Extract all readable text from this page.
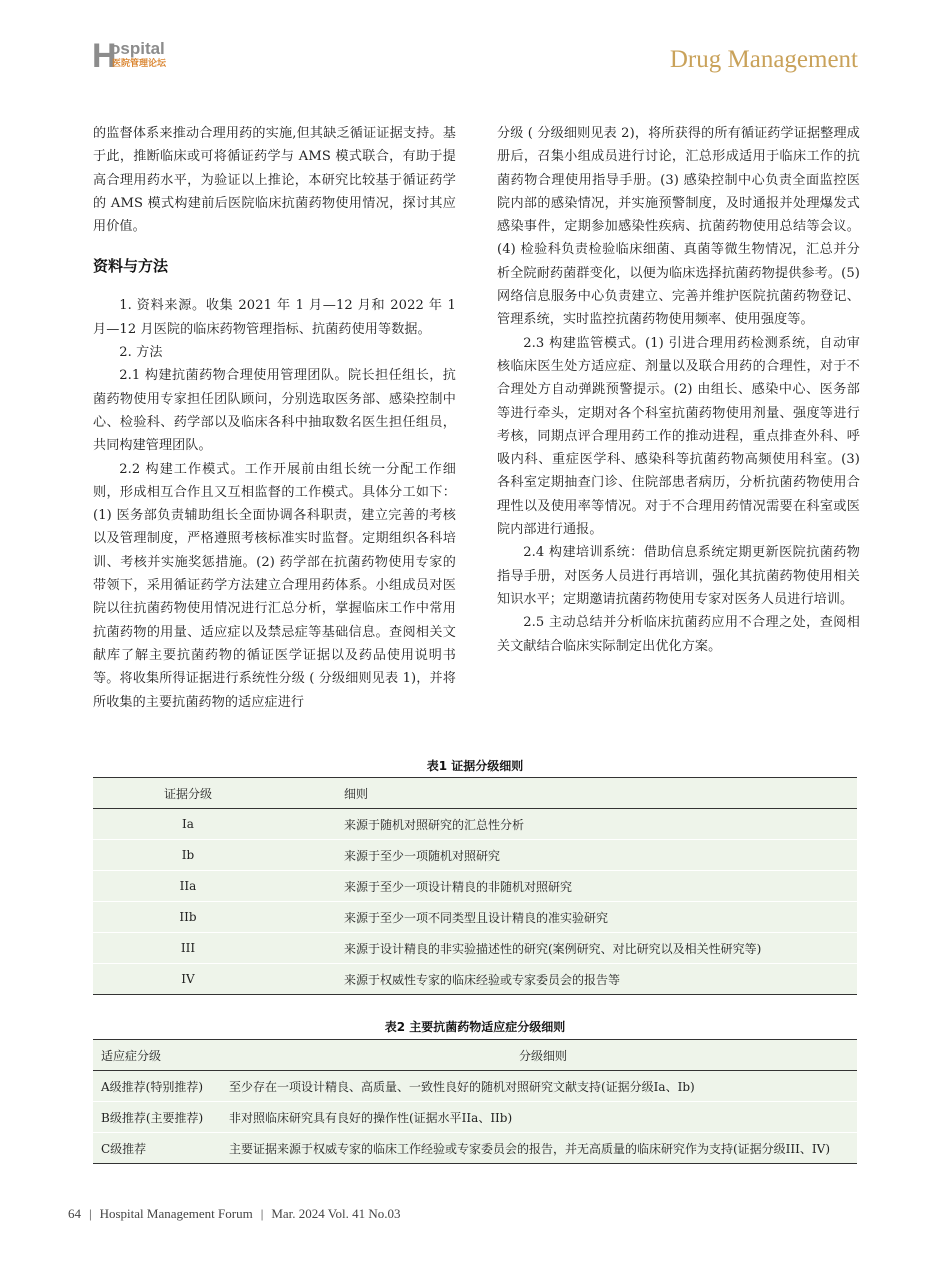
H
ospital
医院管理论坛	Drug Management

的监督体系来推动合理用药的实施,但其缺乏循证证据支持。基于此，推断临床或可将循证药学与 AMS 模式联合，有助于提高合理用药水平，为验证以上推论，本研究比较基于循证药学的 AMS 模式构建前后医院临床抗菌药物使用情况，探讨其应用价值。

资料与方法

1. 资料来源。收集 2021 年 1 月—12 月和 2022 年 1 月—12 月医院的临床药物管理指标、抗菌药使用等数据。

2. 方法

2.1 构建抗菌药物合理使用管理团队。院长担任组长，抗菌药物使用专家担任团队顾问，分别选取医务部、感染控制中心、检验科、药学部以及临床各科中抽取数名医生担任组员，共同构建管理团队。

2.2 构建工作模式。工作开展前由组长统一分配工作细则，形成相互合作且又互相监督的工作模式。具体分工如下：(1) 医务部负责辅助组长全面协调各科职责，建立完善的考核以及管理制度，严格遵照考核标准实时监督。定期组织各科培训、考核并实施奖惩措施。(2) 药学部在抗菌药物使用专家的带领下，采用循证药学方法建立合理用药体系。小组成员对医院以往抗菌药物使用情况进行汇总分析，掌握临床工作中常用抗菌药物的用量、适应症以及禁忌症等基础信息。查阅相关文献库了解主要抗菌药物的循证医学证据以及药品使用说明书等。将收集所得证据进行系统性分级 ( 分级细则见表 1)，并将所收集的主要抗菌药物的适应症进行

分级 ( 分级细则见表 2)，将所获得的所有循证药学证据整理成册后，召集小组成员进行讨论，汇总形成适用于临床工作的抗菌药物合理使用指导手册。(3) 感染控制中心负责全面监控医院内部的感染情况，并实施预警制度，及时通报并处理爆发式感染事件，定期参加感染性疾病、抗菌药物使用总结等会议。(4) 检验科负责检验临床细菌、真菌等微生物情况，汇总并分析全院耐药菌群变化，以便为临床选择抗菌药物提供参考。(5) 网络信息服务中心负责建立、完善并维护医院抗菌药物登记、管理系统，实时监控抗菌药物使用频率、使用强度等。

2.3 构建监管模式。(1) 引进合理用药检测系统，自动审核临床医生处方适应症、剂量以及联合用药的合理性，对于不合理处方自动弹跳预警提示。(2) 由组长、感染中心、医务部等进行牵头，定期对各个科室抗菌药物使用剂量、强度等进行考核，同期点评合理用药工作的推动进程，重点排查外科、呼吸内科、重症医学科、感染科等抗菌药物高频使用科室。(3) 各科室定期抽查门诊、住院部患者病历，分析抗菌药物使用合理性以及使用率等情况。对于不合理用药情况需要在科室或医院内部进行通报。

2.4 构建培训系统：借助信息系统定期更新医院抗菌药物指导手册，对医务人员进行再培训，强化其抗菌药物使用相关知识水平；定期邀请抗菌药物使用专家对医务人员进行培训。

2.5 主动总结并分析临床抗菌药应用不合理之处，查阅相关文献结合临床实际制定出优化方案。

表1 证据分级细则
证据分级	细则
Ia	来源于随机对照研究的汇总性分析
Ib	来源于至少一项随机对照研究
IIa	来源于至少一项设计精良的非随机对照研究
IIb	来源于至少一项不同类型且设计精良的准实验研究
III	来源于设计精良的非实验描述性的研究(案例研究、对比研究以及相关性研究等)
IV	来源于权威性专家的临床经验或专家委员会的报告等
表2 主要抗菌药物适应症分级细则
适应症分级	分级细则
A级推荐(特别推荐)	至少存在一项设计精良、高质量、一致性良好的随机对照研究文献支持(证据分级Ia、Ib)
B级推荐(主要推荐)	非对照临床研究具有良好的操作性(证据水平IIa、IIb)
C级推荐	主要证据来源于权威专家的临床工作经验或专家委员会的报告，并无高质量的临床研究作为支持(证据分级III、IV)
64 | Hospital Management Forum | Mar. 2024 Vol. 41 No.03
